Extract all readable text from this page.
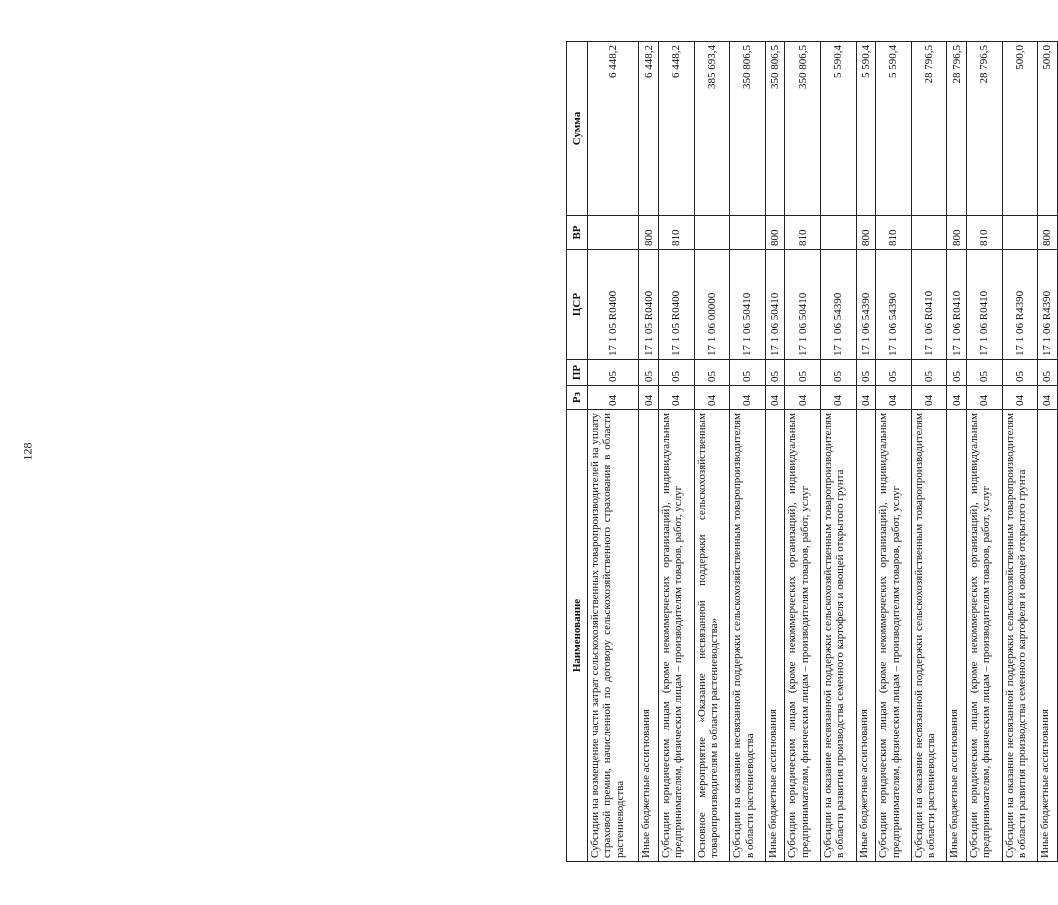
128
Наименование	Рз	ПР	ЦСР	ВР	Сумма
Субсидии на возмещение части затрат сельскохозяйственных товаропроизводителей на уплату страховой премии, начисленной по договору сельскохозяйственного страхования в области растениеводства	04	05	17 1 05 R0400		6 448,2
Иные бюджетные ассигнования	04	05	17 1 05 R0400	800	6 448,2
Субсидии юридическим лицам (кроме некоммерческих организаций), индивидуальным предпринимателям, физическим лицам – производителям товаров, работ, услуг	04	05	17 1 05 R0400	810	6 448,2
Основное мероприятие «Оказание несвязанной поддержки сельскохозяйственным товаропроизводителям в области растениеводства»	04	05	17 1 06 00000		385 693,4
Субсидии на оказание несвязанной поддержки сельскохозяйственным товаропроизводителям в области растениеводства	04	05	17 1 06 50410		350 806,5
Иные бюджетные ассигнования	04	05	17 1 06 50410	800	350 806,5
Субсидии юридическим лицам (кроме некоммерческих организаций), индивидуальным предпринимателям, физическим лицам – производителям товаров, работ, услуг	04	05	17 1 06 50410	810	350 806,5
Субсидии на оказание несвязанной поддержки сельскохозяйственным товаропроизводителям в области развития производства семенного картофеля и овощей открытого грунта	04	05	17 1 06 54390		5 590,4
Иные бюджетные ассигнования	04	05	17 1 06 54390	800	5 590,4
Субсидии юридическим лицам (кроме некоммерческих организаций), индивидуальным предпринимателям, физическим лицам – производителям товаров, работ, услуг	04	05	17 1 06 54390	810	5 590,4
Субсидии на оказание несвязанной поддержки сельскохозяйственным товаропроизводителям в области растениеводства	04	05	17 1 06 R0410		28 796,5
Иные бюджетные ассигнования	04	05	17 1 06 R0410	800	28 796,5
Субсидии юридическим лицам (кроме некоммерческих организаций), индивидуальным предпринимателям, физическим лицам – производителям товаров, работ, услуг	04	05	17 1 06 R0410	810	28 796,5
Субсидии на оказание несвязанной поддержки сельскохозяйственным товаропроизводителям в области развития производства семенного картофеля и овощей открытого грунта	04	05	17 1 06 R4390		500,0
Иные бюджетные ассигнования	04	05	17 1 06 R4390	800	500,0
